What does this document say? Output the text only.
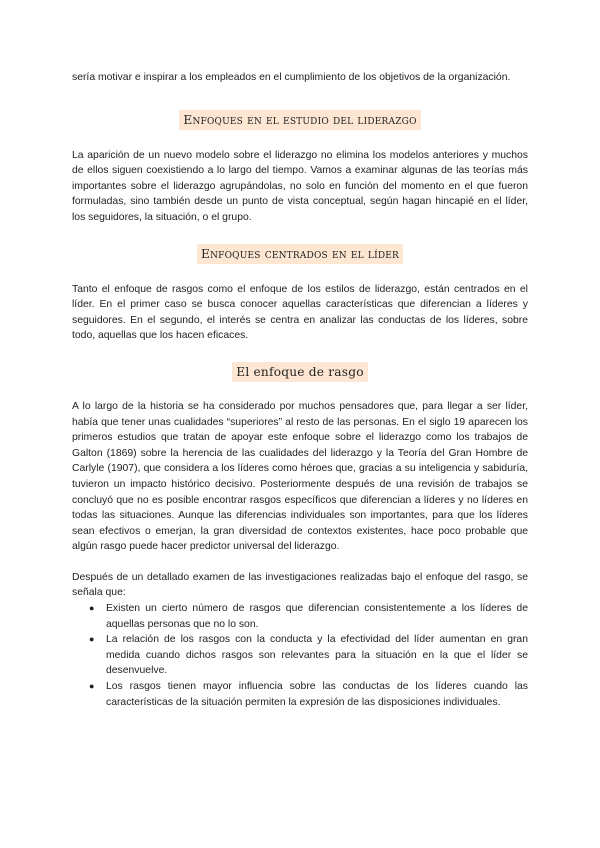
sería motivar e inspirar a los empleados en el cumplimiento de los objetivos de la organización.

Enfoques en el estudio del liderazgo

La aparición de un nuevo modelo sobre el liderazgo no elimina los modelos anteriores y muchos de ellos siguen coexistiendo a lo largo del tiempo. Vamos a examinar algunas de las teorías más importantes sobre el liderazgo agrupándolas, no solo en función del momento en el que fueron formuladas, sino también desde un punto de vista conceptual, según hagan hincapié en el líder, los seguidores, la situación, o el grupo.

Enfoques centrados en el líder

Tanto el enfoque de rasgos como el enfoque de los estilos de liderazgo, están centrados en el líder. En el primer caso se busca conocer aquellas características que diferencian a líderes y seguidores. En el segundo, el interés se centra en analizar las conductas de los líderes, sobre todo, aquellas que los hacen eficaces.

El enfoque de rasgo

A lo largo de la historia se ha considerado por muchos pensadores que, para llegar a ser líder, había que tener unas cualidades “superiores” al resto de las personas. En el siglo 19 aparecen los primeros estudios que tratan de apoyar este enfoque sobre el liderazgo como los trabajos de Galton (1869) sobre la herencia de las cualidades del liderazgo y la Teoría del Gran Hombre de Carlyle (1907), que considera a los líderes como héroes que, gracias a su inteligencia y sabiduría, tuvieron un impacto histórico decisivo. Posteriormente después de una revisión de trabajos se concluyó que no es posible encontrar rasgos específicos que diferencian a líderes y no líderes en todas las situaciones. Aunque las diferencias individuales son importantes, para que los líderes sean efectivos o emerjan, la gran diversidad de contextos existentes, hace poco probable que algún rasgo puede hacer predictor universal del liderazgo.

Después de un detallado examen de las investigaciones realizadas bajo el enfoque del rasgo, se señala que:

● Existen un cierto número de rasgos que diferencian consistentemente a los líderes de aquellas personas que no lo son.
● La relación de los rasgos con la conducta y la efectividad del líder aumentan en gran medida cuando dichos rasgos son relevantes para la situación en la que el líder se desenvuelve.
● Los rasgos tienen mayor influencia sobre las conductas de los líderes cuando las características de la situación permiten la expresión de las disposiciones individuales.
